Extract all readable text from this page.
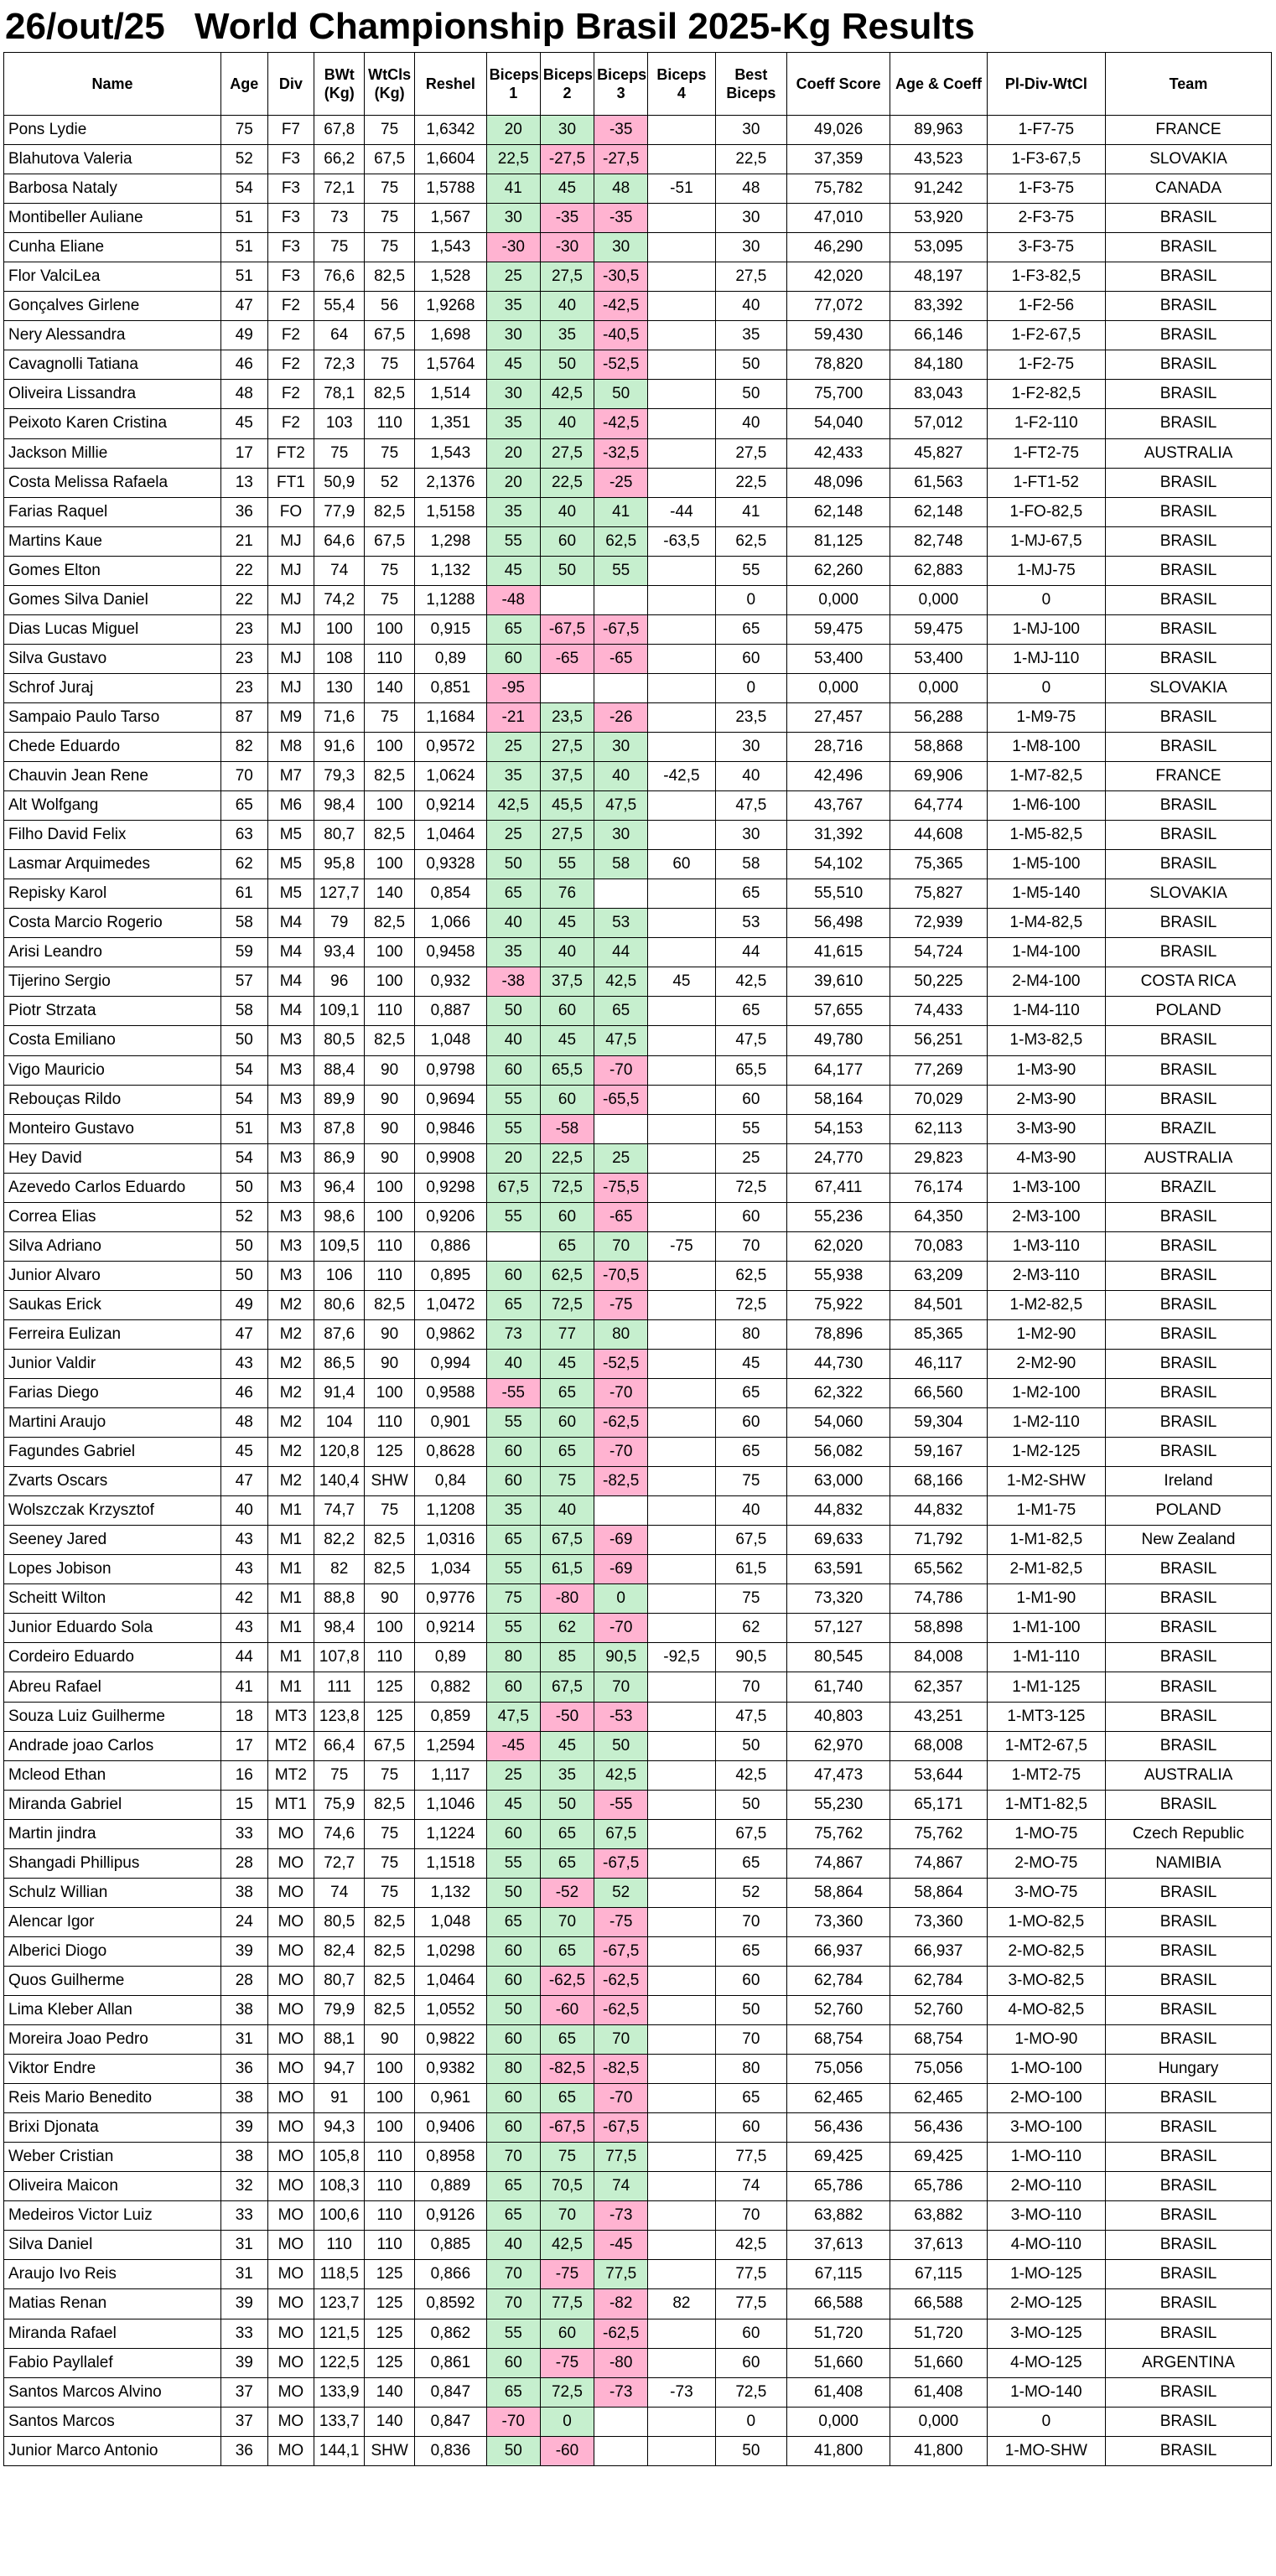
26/out/25 World Championship Brasil 2025-Kg Results
Name	Age	Div	BWt (Kg)	WtCls (Kg)	Reshel	Biceps 1	Biceps 2	Biceps 3	Biceps 4	Best Biceps	Coeff Score	Age & Coeff	Pl-Div-WtCl	Team
Pons Lydie	75	F7	67,8	75	1,6342	20	30	-35		30	49,026	89,963	1-F7-75	FRANCE
Blahutova Valeria	52	F3	66,2	67,5	1,6604	22,5	-27,5	-27,5		22,5	37,359	43,523	1-F3-67,5	SLOVAKIA
Barbosa Nataly	54	F3	72,1	75	1,5788	41	45	48	-51	48	75,782	91,242	1-F3-75	CANADA
Montibeller Auliane	51	F3	73	75	1,567	30	-35	-35		30	47,010	53,920	2-F3-75	BRASIL
Cunha Eliane	51	F3	75	75	1,543	-30	-30	30		30	46,290	53,095	3-F3-75	BRASIL
Flor ValciLea	51	F3	76,6	82,5	1,528	25	27,5	-30,5		27,5	42,020	48,197	1-F3-82,5	BRASIL
Gonçalves Girlene	47	F2	55,4	56	1,9268	35	40	-42,5		40	77,072	83,392	1-F2-56	BRASIL
Nery Alessandra	49	F2	64	67,5	1,698	30	35	-40,5		35	59,430	66,146	1-F2-67,5	BRASIL
Cavagnolli Tatiana	46	F2	72,3	75	1,5764	45	50	-52,5		50	78,820	84,180	1-F2-75	BRASIL
Oliveira Lissandra	48	F2	78,1	82,5	1,514	30	42,5	50		50	75,700	83,043	1-F2-82,5	BRASIL
Peixoto Karen Cristina	45	F2	103	110	1,351	35	40	-42,5		40	54,040	57,012	1-F2-110	BRASIL
Jackson Millie	17	FT2	75	75	1,543	20	27,5	-32,5		27,5	42,433	45,827	1-FT2-75	AUSTRALIA
Costa Melissa Rafaela	13	FT1	50,9	52	2,1376	20	22,5	-25		22,5	48,096	61,563	1-FT1-52	BRASIL
Farias Raquel	36	FO	77,9	82,5	1,5158	35	40	41	-44	41	62,148	62,148	1-FO-82,5	BRASIL
Martins Kaue	21	MJ	64,6	67,5	1,298	55	60	62,5	-63,5	62,5	81,125	82,748	1-MJ-67,5	BRASIL
Gomes Elton	22	MJ	74	75	1,132	45	50	55		55	62,260	62,883	1-MJ-75	BRASIL
Gomes Silva Daniel	22	MJ	74,2	75	1,1288	-48				0	0,000	0,000	0	BRASIL
Dias Lucas Miguel	23	MJ	100	100	0,915	65	-67,5	-67,5		65	59,475	59,475	1-MJ-100	BRASIL
Silva Gustavo	23	MJ	108	110	0,89	60	-65	-65		60	53,400	53,400	1-MJ-110	BRASIL
Schrof Juraj	23	MJ	130	140	0,851	-95				0	0,000	0,000	0	SLOVAKIA
Sampaio Paulo Tarso	87	M9	71,6	75	1,1684	-21	23,5	-26		23,5	27,457	56,288	1-M9-75	BRASIL
Chede Eduardo	82	M8	91,6	100	0,9572	25	27,5	30		30	28,716	58,868	1-M8-100	BRASIL
Chauvin Jean Rene	70	M7	79,3	82,5	1,0624	35	37,5	40	-42,5	40	42,496	69,906	1-M7-82,5	FRANCE
Alt Wolfgang	65	M6	98,4	100	0,9214	42,5	45,5	47,5		47,5	43,767	64,774	1-M6-100	BRASIL
Filho David Felix	63	M5	80,7	82,5	1,0464	25	27,5	30		30	31,392	44,608	1-M5-82,5	BRASIL
Lasmar Arquimedes	62	M5	95,8	100	0,9328	50	55	58	60	58	54,102	75,365	1-M5-100	BRASIL
Repisky Karol	61	M5	127,7	140	0,854	65	76			65	55,510	75,827	1-M5-140	SLOVAKIA
Costa Marcio Rogerio	58	M4	79	82,5	1,066	40	45	53		53	56,498	72,939	1-M4-82,5	BRASIL
Arisi Leandro	59	M4	93,4	100	0,9458	35	40	44		44	41,615	54,724	1-M4-100	BRASIL
Tijerino Sergio	57	M4	96	100	0,932	-38	37,5	42,5	45	42,5	39,610	50,225	2-M4-100	COSTA RICA
Piotr Strzata	58	M4	109,1	110	0,887	50	60	65		65	57,655	74,433	1-M4-110	POLAND
Costa Emiliano	50	M3	80,5	82,5	1,048	40	45	47,5		47,5	49,780	56,251	1-M3-82,5	BRASIL
Vigo Mauricio	54	M3	88,4	90	0,9798	60	65,5	-70		65,5	64,177	77,269	1-M3-90	BRASIL
Rebouças Rildo	54	M3	89,9	90	0,9694	55	60	-65,5		60	58,164	70,029	2-M3-90	BRASIL
Monteiro Gustavo	51	M3	87,8	90	0,9846	55	-58			55	54,153	62,113	3-M3-90	BRAZIL
Hey David	54	M3	86,9	90	0,9908	20	22,5	25		25	24,770	29,823	4-M3-90	AUSTRALIA
Azevedo Carlos Eduardo	50	M3	96,4	100	0,9298	67,5	72,5	-75,5		72,5	67,411	76,174	1-M3-100	BRAZIL
Correa Elias	52	M3	98,6	100	0,9206	55	60	-65		60	55,236	64,350	2-M3-100	BRASIL
Silva Adriano	50	M3	109,5	110	0,886		65	70	-75	70	62,020	70,083	1-M3-110	BRASIL
Junior Alvaro	50	M3	106	110	0,895	60	62,5	-70,5		62,5	55,938	63,209	2-M3-110	BRASIL
Saukas Erick	49	M2	80,6	82,5	1,0472	65	72,5	-75		72,5	75,922	84,501	1-M2-82,5	BRASIL
Ferreira Eulizan	47	M2	87,6	90	0,9862	73	77	80		80	78,896	85,365	1-M2-90	BRASIL
Junior Valdir	43	M2	86,5	90	0,994	40	45	-52,5		45	44,730	46,117	2-M2-90	BRASIL
Farias Diego	46	M2	91,4	100	0,9588	-55	65	-70		65	62,322	66,560	1-M2-100	BRASIL
Martini Araujo	48	M2	104	110	0,901	55	60	-62,5		60	54,060	59,304	1-M2-110	BRASIL
Fagundes Gabriel	45	M2	120,8	125	0,8628	60	65	-70		65	56,082	59,167	1-M2-125	BRASIL
Zvarts Oscars	47	M2	140,4	SHW	0,84	60	75	-82,5		75	63,000	68,166	1-M2-SHW	Ireland
Wolszczak Krzysztof	40	M1	74,7	75	1,1208	35	40			40	44,832	44,832	1-M1-75	POLAND
Seeney Jared	43	M1	82,2	82,5	1,0316	65	67,5	-69		67,5	69,633	71,792	1-M1-82,5	New Zealand
Lopes Jobison	43	M1	82	82,5	1,034	55	61,5	-69		61,5	63,591	65,562	2-M1-82,5	BRASIL
Scheitt Wilton	42	M1	88,8	90	0,9776	75	-80	0		75	73,320	74,786	1-M1-90	BRASIL
Junior Eduardo Sola	43	M1	98,4	100	0,9214	55	62	-70		62	57,127	58,898	1-M1-100	BRASIL
Cordeiro Eduardo	44	M1	107,8	110	0,89	80	85	90,5	-92,5	90,5	80,545	84,008	1-M1-110	BRASIL
Abreu Rafael	41	M1	111	125	0,882	60	67,5	70		70	61,740	62,357	1-M1-125	BRASIL
Souza Luiz Guilherme	18	MT3	123,8	125	0,859	47,5	-50	-53		47,5	40,803	43,251	1-MT3-125	BRASIL
Andrade joao Carlos	17	MT2	66,4	67,5	1,2594	-45	45	50		50	62,970	68,008	1-MT2-67,5	BRASIL
Mcleod Ethan	16	MT2	75	75	1,117	25	35	42,5		42,5	47,473	53,644	1-MT2-75	AUSTRALIA
Miranda Gabriel	15	MT1	75,9	82,5	1,1046	45	50	-55		50	55,230	65,171	1-MT1-82,5	BRASIL
Martin jindra	33	MO	74,6	75	1,1224	60	65	67,5		67,5	75,762	75,762	1-MO-75	Czech Republic
Shangadi Phillipus	28	MO	72,7	75	1,1518	55	65	-67,5		65	74,867	74,867	2-MO-75	NAMIBIA
Schulz Willian	38	MO	74	75	1,132	50	-52	52		52	58,864	58,864	3-MO-75	BRASIL
Alencar Igor	24	MO	80,5	82,5	1,048	65	70	-75		70	73,360	73,360	1-MO-82,5	BRASIL
Alberici Diogo	39	MO	82,4	82,5	1,0298	60	65	-67,5		65	66,937	66,937	2-MO-82,5	BRASIL
Quos Guilherme	28	MO	80,7	82,5	1,0464	60	-62,5	-62,5		60	62,784	62,784	3-MO-82,5	BRASIL
Lima Kleber Allan	38	MO	79,9	82,5	1,0552	50	-60	-62,5		50	52,760	52,760	4-MO-82,5	BRASIL
Moreira Joao Pedro	31	MO	88,1	90	0,9822	60	65	70		70	68,754	68,754	1-MO-90	BRASIL
Viktor Endre	36	MO	94,7	100	0,9382	80	-82,5	-82,5		80	75,056	75,056	1-MO-100	Hungary
Reis Mario Benedito	38	MO	91	100	0,961	60	65	-70		65	62,465	62,465	2-MO-100	BRASIL
Brixi Djonata	39	MO	94,3	100	0,9406	60	-67,5	-67,5		60	56,436	56,436	3-MO-100	BRASIL
Weber Cristian	38	MO	105,8	110	0,8958	70	75	77,5		77,5	69,425	69,425	1-MO-110	BRASIL
Oliveira Maicon	32	MO	108,3	110	0,889	65	70,5	74		74	65,786	65,786	2-MO-110	BRASIL
Medeiros Victor Luiz	33	MO	100,6	110	0,9126	65	70	-73		70	63,882	63,882	3-MO-110	BRASIL
Silva Daniel	31	MO	110	110	0,885	40	42,5	-45		42,5	37,613	37,613	4-MO-110	BRASIL
Araujo Ivo Reis	31	MO	118,5	125	0,866	70	-75	77,5		77,5	67,115	67,115	1-MO-125	BRASIL
Matias Renan	39	MO	123,7	125	0,8592	70	77,5	-82	82	77,5	66,588	66,588	2-MO-125	BRASIL
Miranda Rafael	33	MO	121,5	125	0,862	55	60	-62,5		60	51,720	51,720	3-MO-125	BRASIL
Fabio Payllalef	39	MO	122,5	125	0,861	60	-75	-80		60	51,660	51,660	4-MO-125	ARGENTINA
Santos Marcos Alvino	37	MO	133,9	140	0,847	65	72,5	-73	-73	72,5	61,408	61,408	1-MO-140	BRASIL
Santos Marcos	37	MO	133,7	140	0,847	-70	0			0	0,000	0,000	0	BRASIL
Junior Marco Antonio	36	MO	144,1	SHW	0,836	50	-60			50	41,800	41,800	1-MO-SHW	BRASIL
